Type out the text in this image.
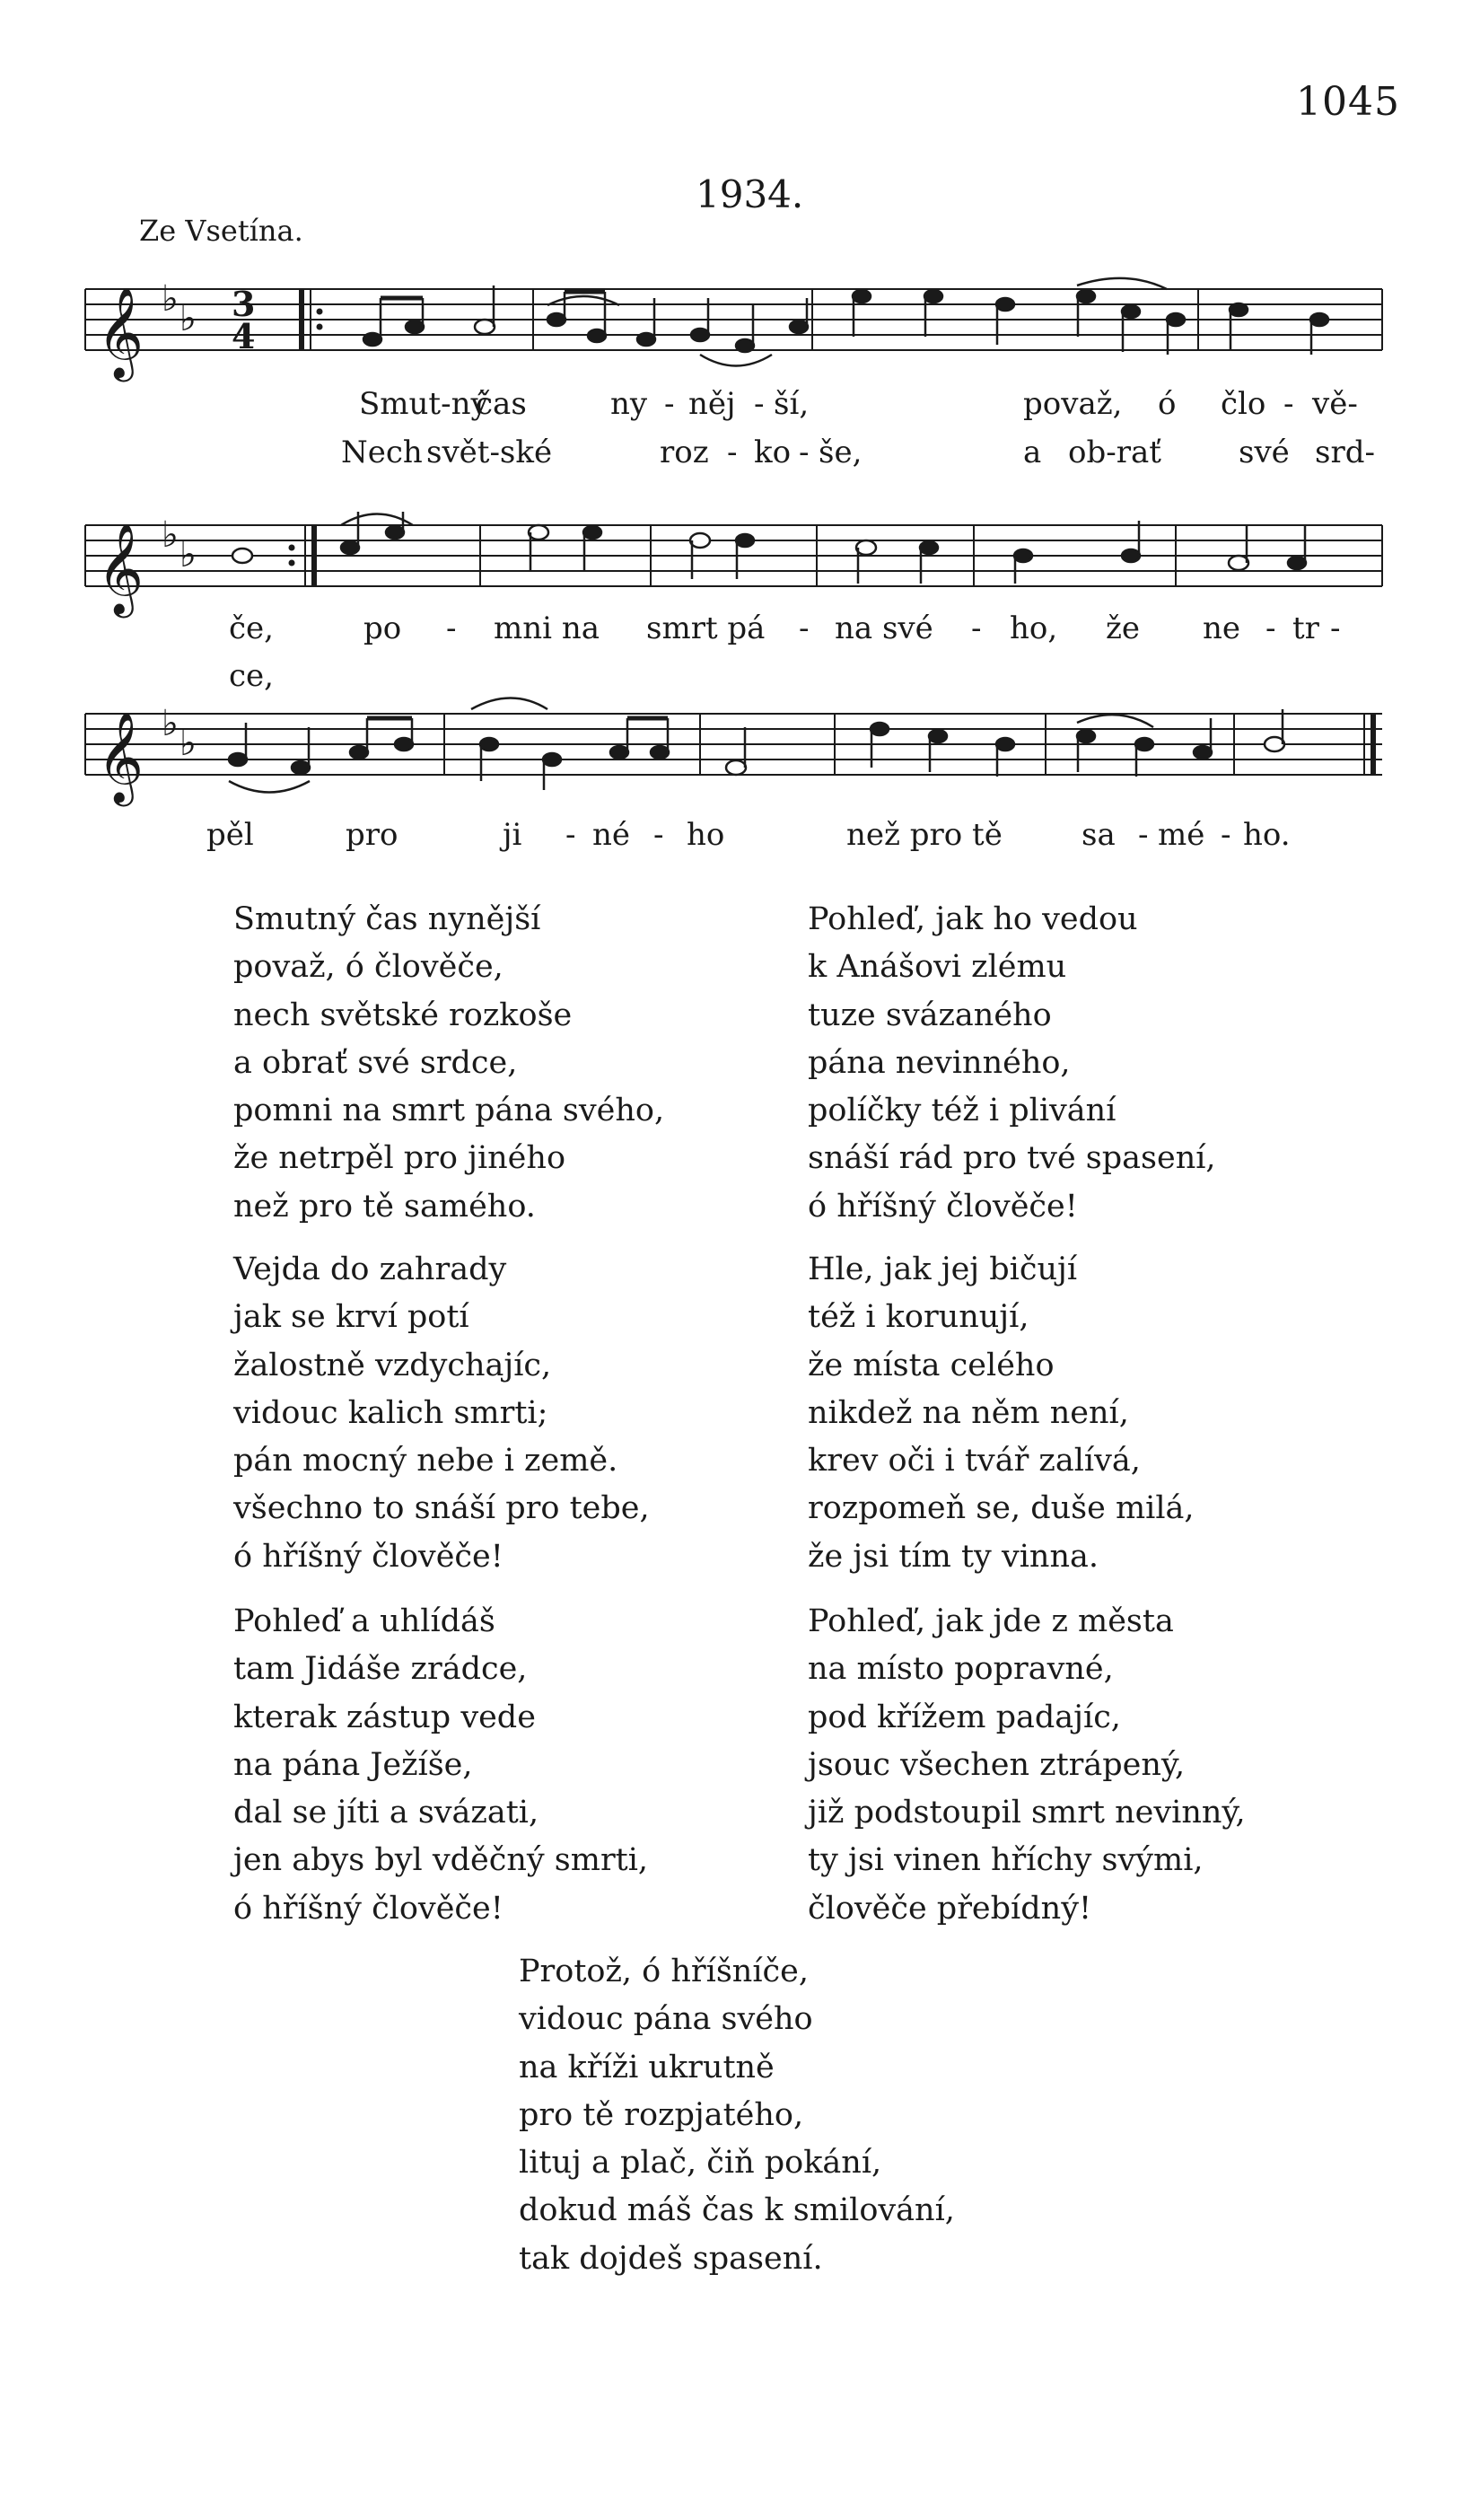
1045
1934.
Ze Vsetína.
𝄞 ♭ ♭
𝄞 ♭ ♭
𝄞 ♭ ♭
3
4
Smut-ný
čas	ny - něj - ší,	považ, ó člo - vě-
Nech svět-ské	roz - ko - še,	a ob-rať	své srd-
če,	po - mni na smrt pá - na své - ho, že ne - tr -
ce,
pěl	pro	ji - né - ho	než pro tě	sa - mé - ho.
Smutný čas nynější
považ, ó člověče,
nech světské rozkoše
a obrať své srdce,
pomni na smrt pána svého,
že netrpěl pro jiného
než pro tě samého.
Vejda do zahrady
jak se krví potí
žalostně vzdychajíc,
vidouc kalich smrti;
pán mocný nebe i země.
všechno to snáší pro tebe,
ó hříšný člověče!
Pohleď a uhlídáš
tam Jidáše zrádce,
kterak zástup vede
na pána Ježíše,
dal se jíti a svázati,
jen abys byl vděčný smrti,
ó hříšný člověče!
Pohleď, jak ho vedou
k Anášovi zlému
tuze svázaného
pána nevinného,
políčky též i plivání
snáší rád pro tvé spasení,
ó hříšný člověče!
Hle, jak jej bičují
též i korunují,
že místa celého
nikdež na něm není,
krev oči i tvář zalívá,
rozpomeň se, duše milá,
že jsi tím ty vinna.
Pohleď, jak jde z města
na místo popravné,
pod křížem padajíc,
jsouc všechen ztrápený,
již podstoupil smrt nevinný,
ty jsi vinen hříchy svými,
člověče přebídný!
Protož, ó hříšníče,
vidouc pána svého
na kříži ukrutně
pro tě rozpjatého,
lituj a plač, čiň pokání,
dokud máš čas k smilování,
tak dojdeš spasení.
